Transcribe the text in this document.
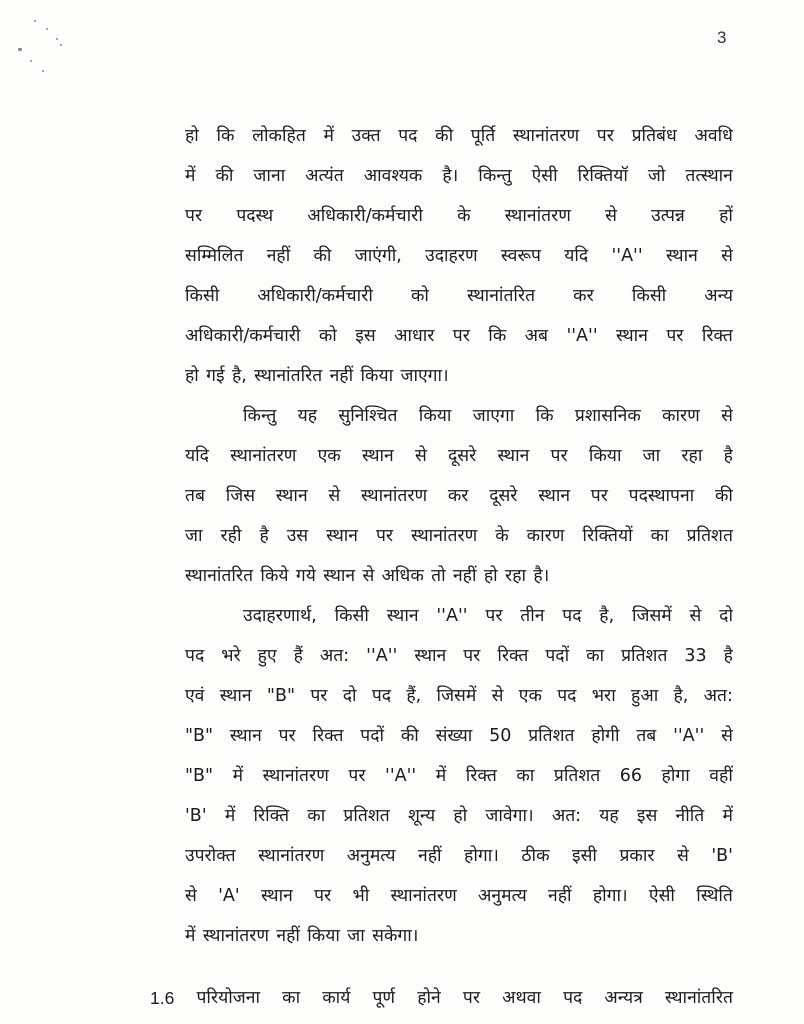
3
हो कि लोकहित में उक्त पद की पूर्ति स्थानांतरण पर प्रतिबंध अवधि
में की जाना अत्यंत आवश्यक है। किन्तु ऐसी रिक्तियॉ जो तत्स्थान
पर पदस्थ अधिकारी/कर्मचारी के स्थानांतरण से उत्पन्न हों
सम्मिलित नहीं की जाएंगी, उदाहरण स्वरूप यदि ''A'' स्थान से
किसी अधिकारी/कर्मचारी को स्थानांतरित कर किसी अन्य
अधिकारी/कर्मचारी को इस आधार पर कि अब ''A'' स्थान पर रिक्त
हो गई है, स्थानांतरित नहीं किया जाएगा।
किन्तु यह सुनिश्चित किया जाएगा कि प्रशासनिक कारण से
यदि स्थानांतरण एक स्थान से दूसरे स्थान पर किया जा रहा है
तब जिस स्थान से स्थानांतरण कर दूसरे स्थान पर पदस्थापना की
जा रही है उस स्थान पर स्थानांतरण के कारण रिक्तियों का प्रतिशत
स्थानांतरित किये गये स्थान से अधिक तो नहीं हो रहा है।
उदाहरणार्थ, किसी स्थान ''A'' पर तीन पद है, जिसमें से दो
पद भरे हुए हैं अत: ''A'' स्थान पर रिक्त पदों का प्रतिशत 33 है
एवं स्थान "B" पर दो पद हैं, जिसमें से एक पद भरा हुआ है, अत:
"B" स्थान पर रिक्त पदों की संख्या 50 प्रतिशत होगी तब ''A'' से
"B" में स्थानांतरण पर ''A'' में रिक्त का प्रतिशत 66 होगा वहीं
'B' में रिक्ति का प्रतिशत शून्य हो जावेगा। अत: यह इस नीति में
उपरोक्त स्थानांतरण अनुमत्य नहीं होगा। ठीक इसी प्रकार से 'B'
से 'A' स्थान पर भी स्थानांतरण अनुमत्य नहीं होगा। ऐसी स्थिति
में स्थानांतरण नहीं किया जा सकेगा।
1.6 परियोजना का कार्य पूर्ण होने पर अथवा पद अन्यत्र स्थानांतरित
